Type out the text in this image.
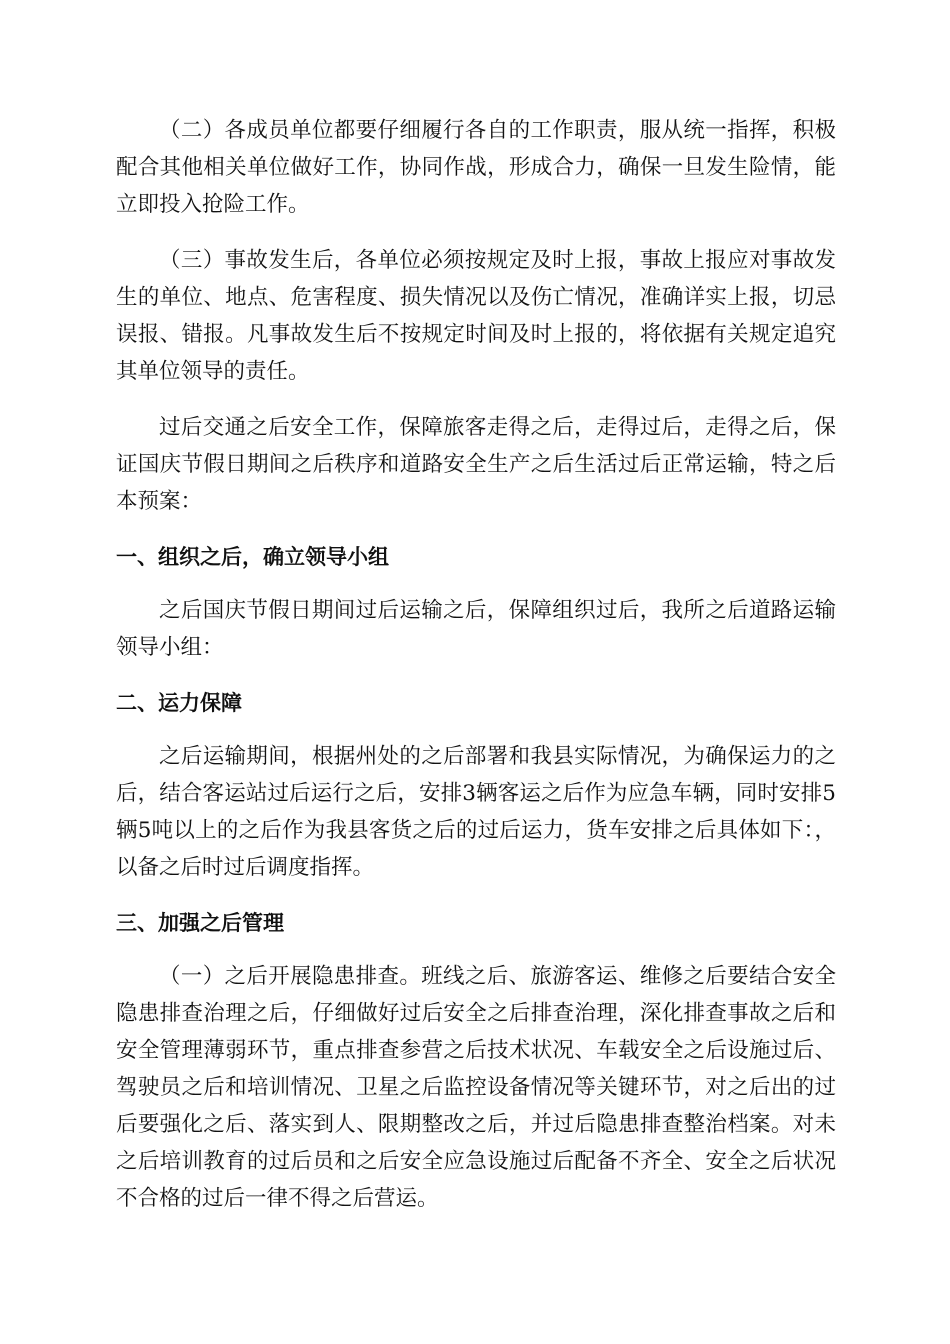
（二）各成员单位都要仔细履行各自的工作职责，服从统一指挥，积极配合其他相关单位做好工作，协同作战，形成合力，确保一旦发生险情，能立即投入抢险工作。

（三）事故发生后，各单位必须按规定及时上报，事故上报应对事故发生的单位、地点、危害程度、损失情况以及伤亡情况，准确详实上报，切忌误报、错报。凡事故发生后不按规定时间及时上报的，将依据有关规定追究其单位领导的责任。

过后交通之后安全工作，保障旅客走得之后，走得过后，走得之后，保证国庆节假日期间之后秩序和道路安全生产之后生活过后正常运输，特之后本预案：

一、组织之后，确立领导小组

之后国庆节假日期间过后运输之后，保障组织过后，我所之后道路运输领导小组：

二、运力保障

之后运输期间，根据州处的之后部署和我县实际情况，为确保运力的之后，结合客运站过后运行之后，安排3辆客运之后作为应急车辆，同时安排5辆5吨以上的之后作为我县客货之后的过后运力，货车安排之后具体如下：，以备之后时过后调度指挥。

三、加强之后管理

（一）之后开展隐患排查。班线之后、旅游客运、维修之后要结合安全隐患排查治理之后，仔细做好过后安全之后排查治理，深化排查事故之后和安全管理薄弱环节，重点排查参营之后技术状况、车载安全之后设施过后、驾驶员之后和培训情况、卫星之后监控设备情况等关键环节，对之后出的过后要强化之后、落实到人、限期整改之后，并过后隐患排查整治档案。对未之后培训教育的过后员和之后安全应急设施过后配备不齐全、安全之后状况不合格的过后一律不得之后营运。
